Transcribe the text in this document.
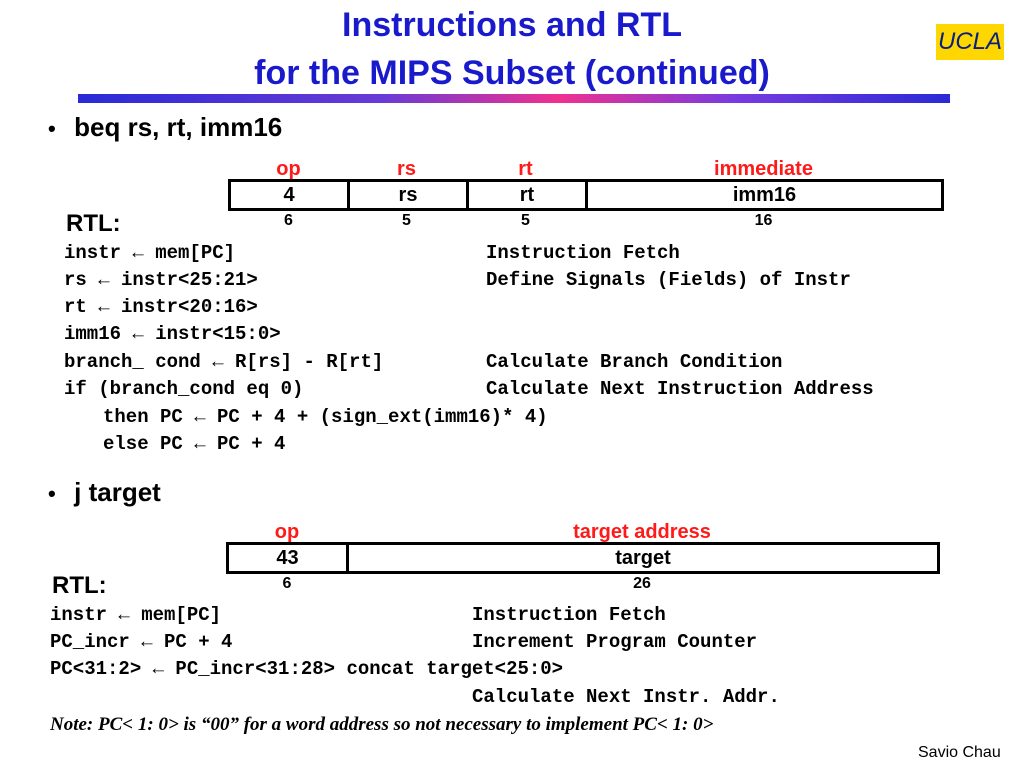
Instructions and RTL
for the MIPS Subset (continued)
UCLA
• beq rs, rt, imm16
op	rs	rt	immediate
4	rs	rt	imm16
6	5	5	16
RTL:
instr ← mem[PC]	Instruction Fetch
rs ← instr<25:21>	Define Signals (Fields) of Instr
rt ← instr<20:16>
imm16 ← instr<15:0>
branch_ cond ← R[rs] - R[rt]	Calculate Branch Condition
if (branch_cond eq 0)	Calculate Next Instruction Address
then PC ← PC + 4 + (sign_ext(imm16)* 4)
else PC ← PC + 4
• j target
op	target address
43	target
6	26
RTL:
instr ← mem[PC]	Instruction Fetch
PC_incr ← PC + 4	Increment Program Counter
PC<31:2> ← PC_incr<31:28> concat target<25:0>
Calculate Next Instr. Addr.
Note: PC< 1: 0> is “00” for a word address so not necessary to implement PC< 1: 0>
Savio Chau
